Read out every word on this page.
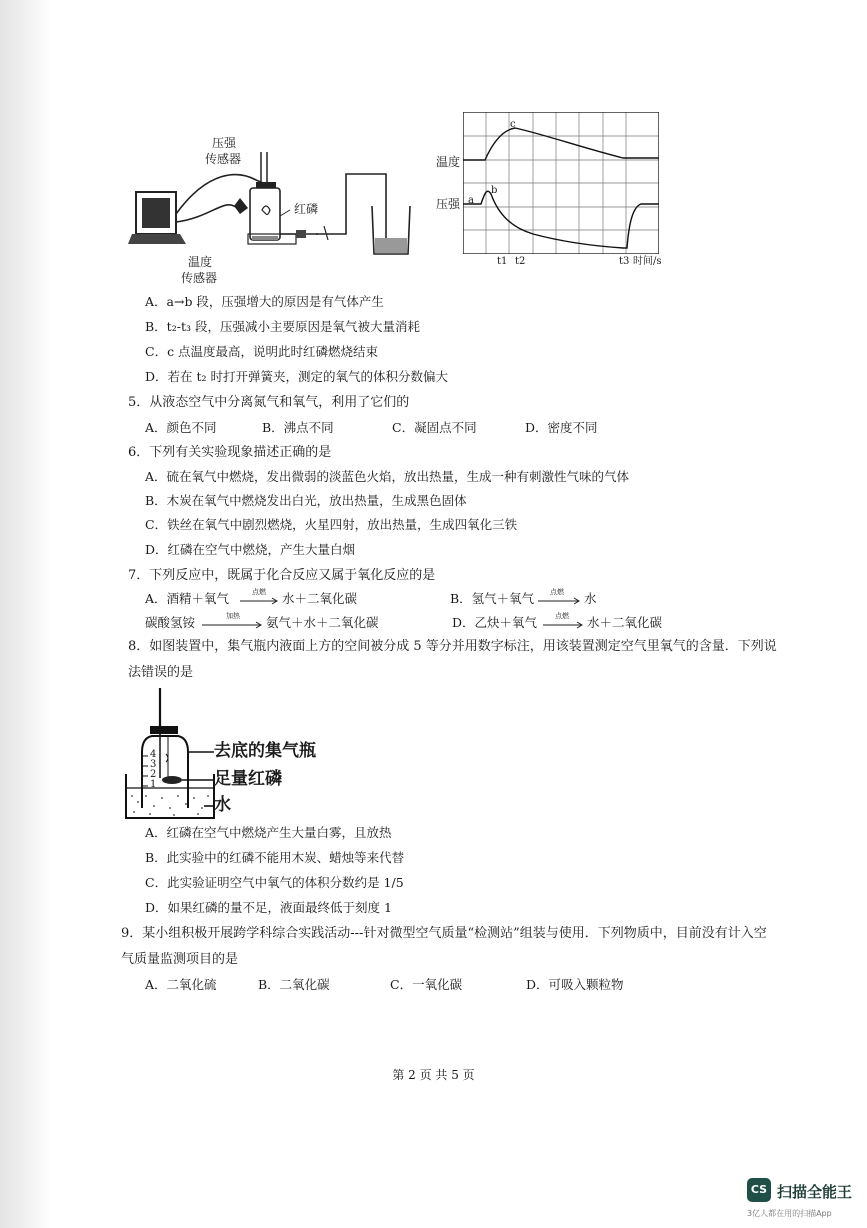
压强
传感器
红磷
温度
传感器
温度
压强 a
b
c
t1 t2	t3 时间/s
A．a→b 段，压强增大的原因是有气体产生
B．t₂-t₃ 段，压强减小主要原因是氧气被大量消耗
C．c 点温度最高，说明此时红磷燃烧结束
D．若在 t₂ 时打开弹簧夹，测定的氧气的体积分数偏大
5．从液态空气中分离氮气和氧气，利用了它们的
A．颜色不同	B．沸点不同	C．凝固点不同	D．密度不同
6．下列有关实验现象描述正确的是
A．硫在氧气中燃烧，发出微弱的淡蓝色火焰，放出热量，生成一种有刺激性气味的气体
B．木炭在氧气中燃烧发出白光，放出热量，生成黑色固体
C．铁丝在氧气中剧烈燃烧，火星四射，放出热量，生成四氧化三铁
D．红磷在空气中燃烧，产生大量白烟
7．下列反应中，既属于化合反应又属于氧化反应的是
A．酒精＋氧气	点燃 水＋二氧化碳	B．氢气＋氧气 点燃 水
碳酸氢铵	加热 氨气＋水＋二氧化碳	D．乙炔＋氧气	点燃 水＋二氧化碳
8．如图装置中，集气瓶内液面上方的空间被分成 5 等分并用数字标注，用该装置测定空气里氧气的含量．下列说
法错误的是
4
3
2
1
去底的集气瓶
足量红磷
水
A．红磷在空气中燃烧产生大量白雾，且放热
B．此实验中的红磷不能用木炭、蜡烛等来代替
C．此实验证明空气中氧气的体积分数约是 1/5
D．如果红磷的量不足，液面最终低于刻度 1
9．某小组积极开展跨学科综合实践活动---针对微型空气质量“检测站”组装与使用．下列物质中，目前没有计入空
气质量监测项目的是
A．二氧化硫	B．二氧化碳	C．一氧化碳	D．可吸入颗粒物
第 2 页 共 5 页
CS 扫描全能王
3亿人都在用的扫描App
